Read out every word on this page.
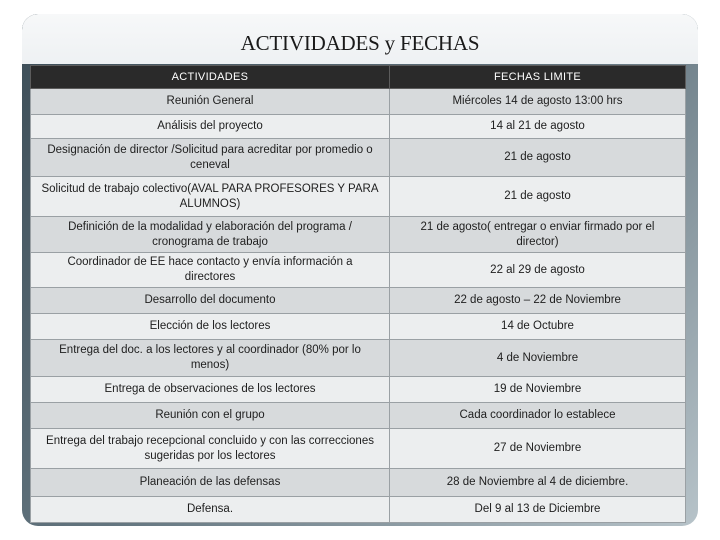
ACTIVIDADES y FECHAS
ACTIVIDADES	FECHAS LIMITE
Reunión General	Miércoles 14 de agosto 13:00 hrs
Análisis del proyecto	14 al 21 de agosto
Designación de director /Solicitud para acreditar por promedio o ceneval	21 de agosto
Solicitud de trabajo colectivo(AVAL PARA PROFESORES Y PARA ALUMNOS)	21 de agosto
Definición de la modalidad y elaboración del programa / cronograma de trabajo	21 de agosto( entregar o enviar firmado por el director)
Coordinador de EE hace contacto y envía información a directores	22 al 29 de agosto
Desarrollo del documento	22 de agosto – 22 de Noviembre
Elección de los lectores	14 de Octubre
Entrega del doc. a los lectores y al coordinador (80% por lo menos)	4 de Noviembre
Entrega de observaciones de los lectores	19 de Noviembre
Reunión con el grupo	Cada coordinador lo establece
Entrega del trabajo recepcional concluido y con las correcciones sugeridas por los lectores	27 de Noviembre
Planeación de las defensas	28 de Noviembre al 4 de diciembre.
Defensa.	Del 9 al 13 de Diciembre
